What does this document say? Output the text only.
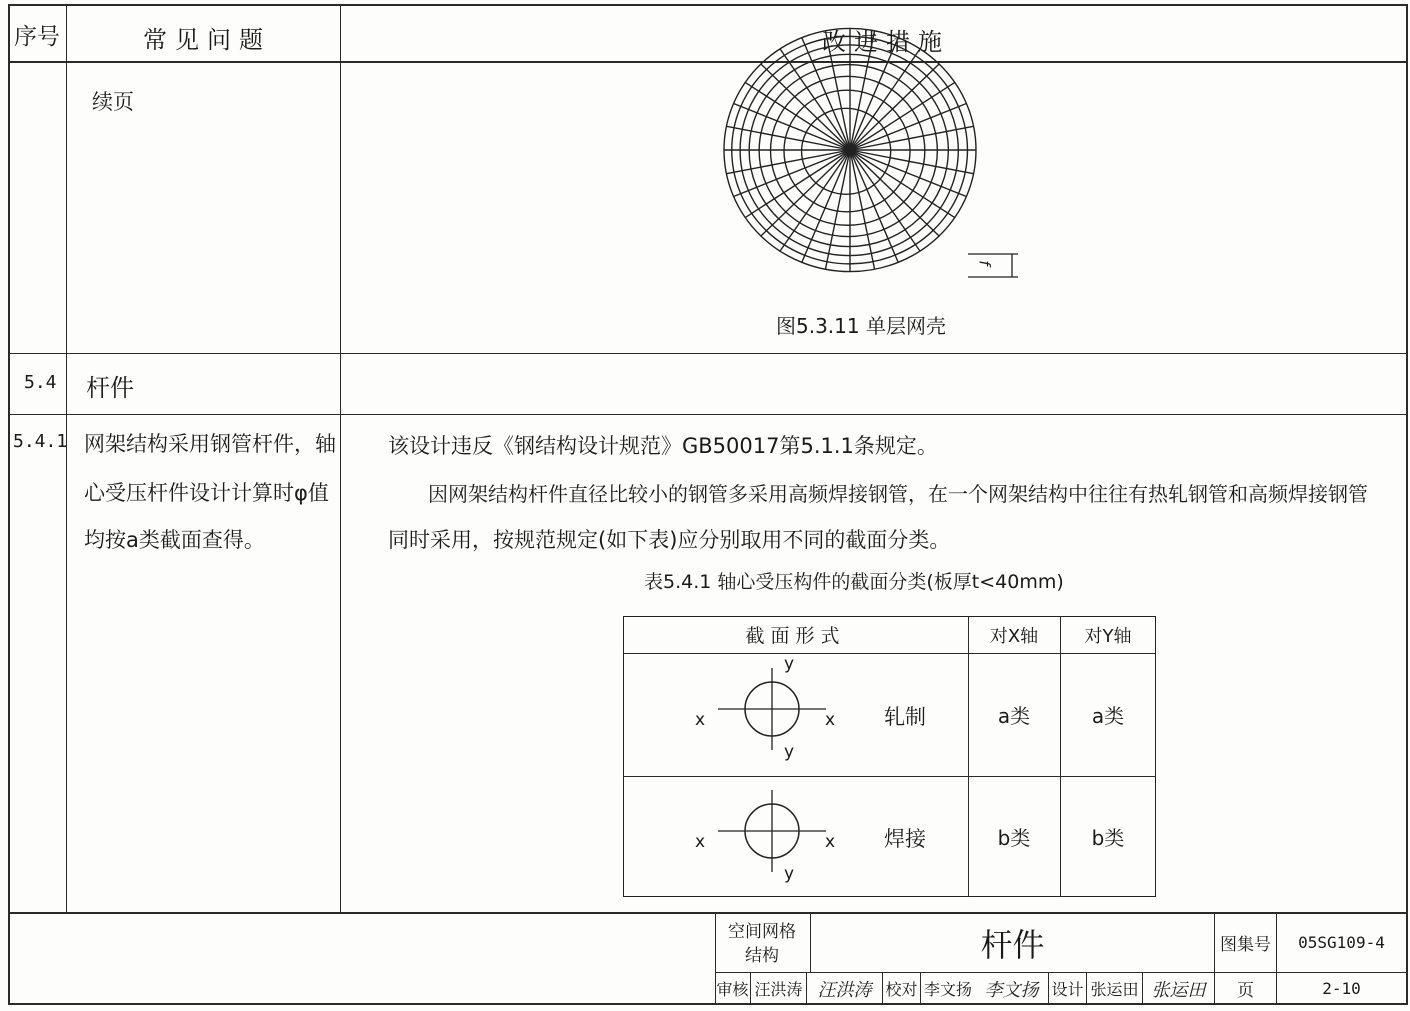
序号	常见问题	改进措施
续页
f
图5.3.11 单层网壳
5.4 杆件
5.4.1 网架结构采用钢管杆件，轴
心受压杆件设计计算时φ值
均按a类截面查得。
该设计违反《钢结构设计规范》GB50017第5.1.1条规定。
因网架结构杆件直径比较小的钢管多采用高频焊接钢管，在一个网架结构中往往有热轧钢管和高频焊接钢管
同时采用，按规范规定(如下表)应分别取用不同的截面分类。
表5.4.1 轴心受压构件的截面分类(板厚t<40mm)
截面形式	对X轴	对Y轴
x	x
y
y
轧制	a类	a类
x	x
y
焊接	b类	b类
空间网格结构	杆件	图集号	05SG109-4
审核 汪洪涛 汪洪涛 校对 李文扬 李文扬 设计 张运田 张运田	页	2-10
